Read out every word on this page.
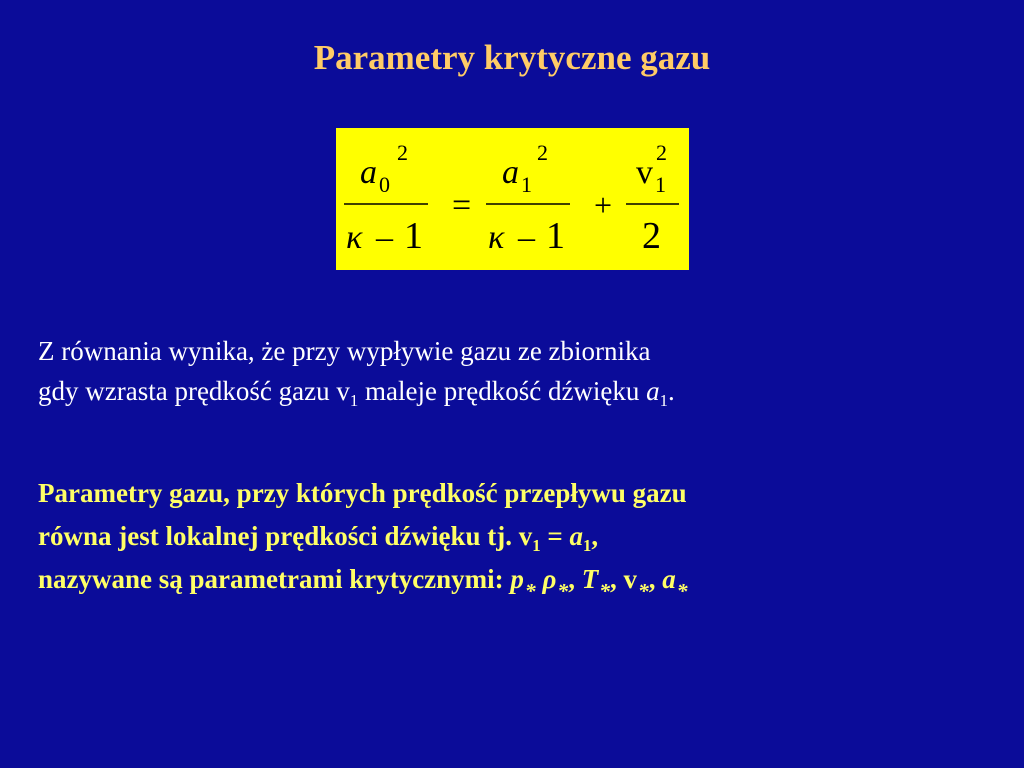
Parametry krytyczne gazu
a 0
2
κ – 1
=
a 1
2
κ – 1
+
v 1
2
2
Z równania wynika, że przy wypływie gazu ze zbiornika
gdy wzrasta prędkość gazu $v_1$ maleje prędkość dźwięku $a_1$.
Parametry gazu, przy których prędkość przepływu gazu
równa jest lokalnej prędkości dźwięku tj. $v_1 = a_1$,
nazywane są parametrami krytycznymi: $p_*$ $\rho_*$, $T_*$, $v_*$, $a_*$
